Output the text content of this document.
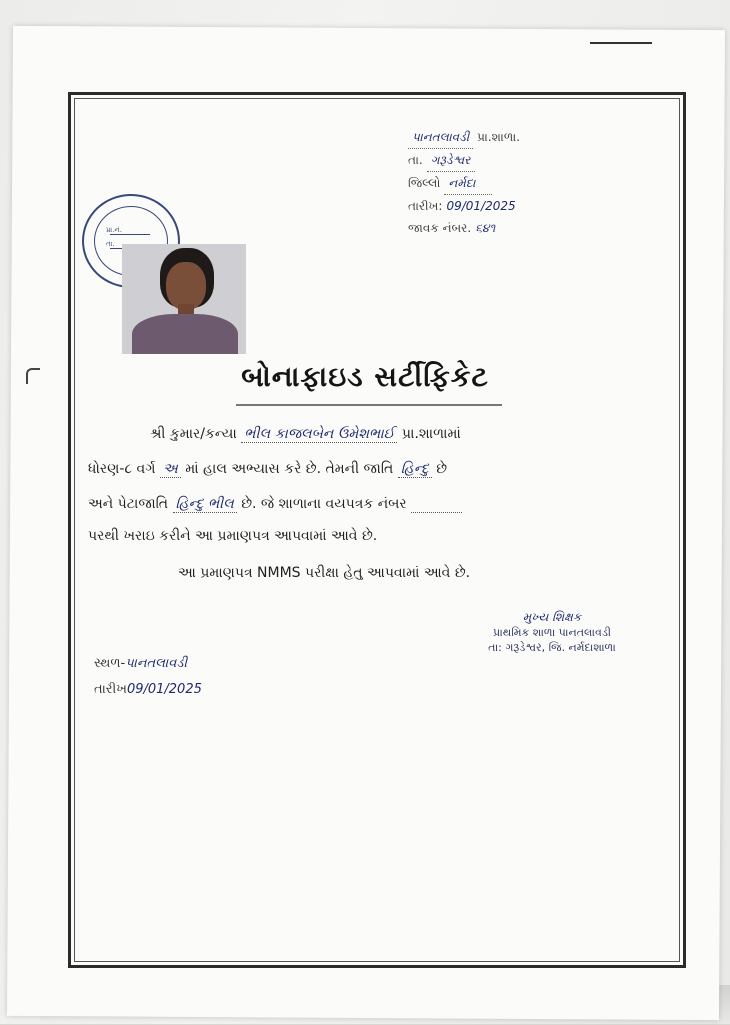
પાનતલાવડી પ્રા.શાળા.
તા. ગરૂડેશ્વર
જિલ્લો નર્મદા
તારીખ: 09/01/2025
જાવક નંબર. ૬૪૧
પ્રા.નં.
તા.
બોનાફાઇડ સર્ટીફિકેટ
શ્રી કુમાર/કન્યા ભીલ કાજલબેન ઉમેશભાઈ પ્રા.શાળામાં
ધોરણ-૮ વર્ગ અ માં હાલ અભ્યાસ કરે છે. તેમની જાતિ હિન્દુ છે
અને પેટાજાતિ હિન્દુ ભીલ છે. જે શાળાના વયપત્રક નંબર
પરથી ખરાઇ કરીને આ પ્રમાણપત્ર આપવામાં આવે છે.
આ પ્રમાણપત્ર NMMS પરીક્ષા હેતુ આપવામાં આવે છે.
મુખ્ય શિક્ષક
પ્રાથમિક શાળા પાનતલાવડી
તા: ગરૂડેશ્વર, જિ. નર્મદાશાળા
સ્થળ-પાનતલાવડી
તારીખ09/01/2025
